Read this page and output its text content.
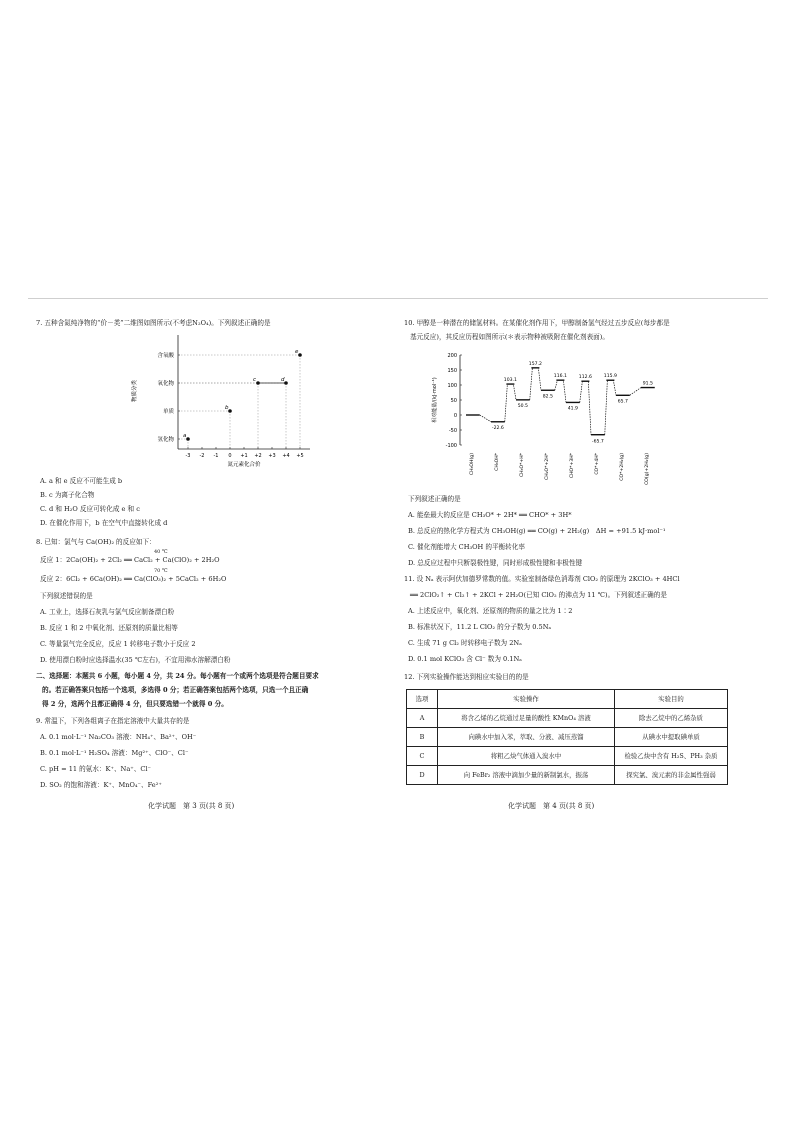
7. 五种含氮纯净物的“价－类”二维图如图所示(不考虑N₂O₄)。下列叙述正确的是
-3 -2 -1 0 +1 +2 +3 +4 +5
氮元素化合价
氢化物
单质
氧化物
含氧酸
物质分类
a
b
c	d
e
A. a 和 e 反应不可能生成 b
B. c 为离子化合物
C. d 和 H₂O 反应可转化成 e 和 c
D. 在催化作用下，b 在空气中直接转化成 d
8. 已知：氯气与 Ca(OH)₂ 的反应如下：
40 ℃
反应 1：2Ca(OH)₂ + 2Cl₂ ══ CaCl₂ + Ca(ClO)₂ + 2H₂O
70 ℃
反应 2：6Cl₂ + 6Ca(OH)₂ ══ Ca(ClO₃)₂ + 5CaCl₂ + 6H₂O
下列叙述错误的是
A. 工业上，选择石灰乳与氯气反应制备漂白粉
B. 反应 1 和 2 中氧化剂、还原剂的质量比相等
C. 等量氯气完全反应，反应 1 转移电子数小于反应 2
D. 使用漂白粉时应选择温水(35 ℃左右)，不宜用沸水溶解漂白粉
二、选择题：本题共 6 小题，每小题 4 分，共 24 分。每小题有一个或两个选项是符合题目要求
的。若正确答案只包括一个选项，多选得 0 分；若正确答案包括两个选项，只选一个且正确
得 2 分，选两个且都正确得 4 分，但只要选错一个就得 0 分。
9. 常温下，下列各组离子在指定溶液中大量共存的是
A. 0.1 mol·L⁻¹ Na₂CO₃ 溶液：NH₄⁺、Ba²⁺、OH⁻
B. 0.1 mol·L⁻¹ H₂SO₄ 溶液：Mg²⁺、ClO⁻、Cl⁻
C. pH = 11 的氨水：K⁺、Na⁺、Cl⁻
D. SO₂ 的饱和溶液：K⁺、MnO₄⁻、Fe²⁺
化学试题　第 3 页(共 8 页)
10. 甲醇是一种潜在的储氢材料。在某催化剂作用下，甲醇制备氢气经过五步反应(每步都是
基元反应)，其反应历程如图所示(＊表示物种被吸附在催化剂表面)。
200
150
100
50
0
-50
-100
相对能量/(kJ·mol⁻¹)
CH₃OH(g)	CH₃OH*	CH₃O*+H*	CH₂O*+2H*	CHO*+3H*	CO*+4H*	CO*+2H₂(g)	CO(g)+2H₂(g)
-22.6
103.1
50.5
157.2
82.5
116.1
41.9
112.6
-65.7
115.9
65.7
91.5
下列叙述正确的是
A. 能垒最大的反应是 CH₃O* + 2H* ══ CHO* + 3H*
B. 总反应的热化学方程式为 CH₃OH(g) ══ CO(g) + 2H₂(g)　ΔH = +91.5 kJ·mol⁻¹
C. 催化剂能增大 CH₃OH 的平衡转化率
D. 总反应过程中只断裂极性键，同时形成极性键和非极性键
11. 设 Nₐ 表示阿伏加德罗常数的值。实验室制备绿色消毒剂 ClO₂ 的原理为 2KClO₃ + 4HCl
══ 2ClO₂↑ + Cl₂↑ + 2KCl + 2H₂O(已知 ClO₂ 的沸点为 11 ℃)。下列叙述正确的是
A. 上述反应中，氧化剂、还原剂的物质的量之比为 1∶2
B. 标准状况下，11.2 L ClO₂ 的分子数为 0.5Nₐ
C. 生成 71 g Cl₂ 时转移电子数为 2Nₐ
D. 0.1 mol KClO₃ 含 Cl⁻ 数为 0.1Nₐ
12. 下列实验操作能达到相应实验目的的是
选项	实验操作	实验目的
A	将含乙烯的乙烷通过足量的酸性 KMnO₄ 溶液	除去乙烷中的乙烯杂质
B	向碘水中加入苯，萃取、分液、减压蒸馏	从碘水中提取碘单质
C	将粗乙炔气体通入溴水中	检验乙炔中含有 H₂S、PH₃ 杂质
D	向 FeBr₂ 溶液中滴加少量的新制氯水，振荡	探究氯、溴元素的非金属性强弱
化学试题　第 4 页(共 8 页)
